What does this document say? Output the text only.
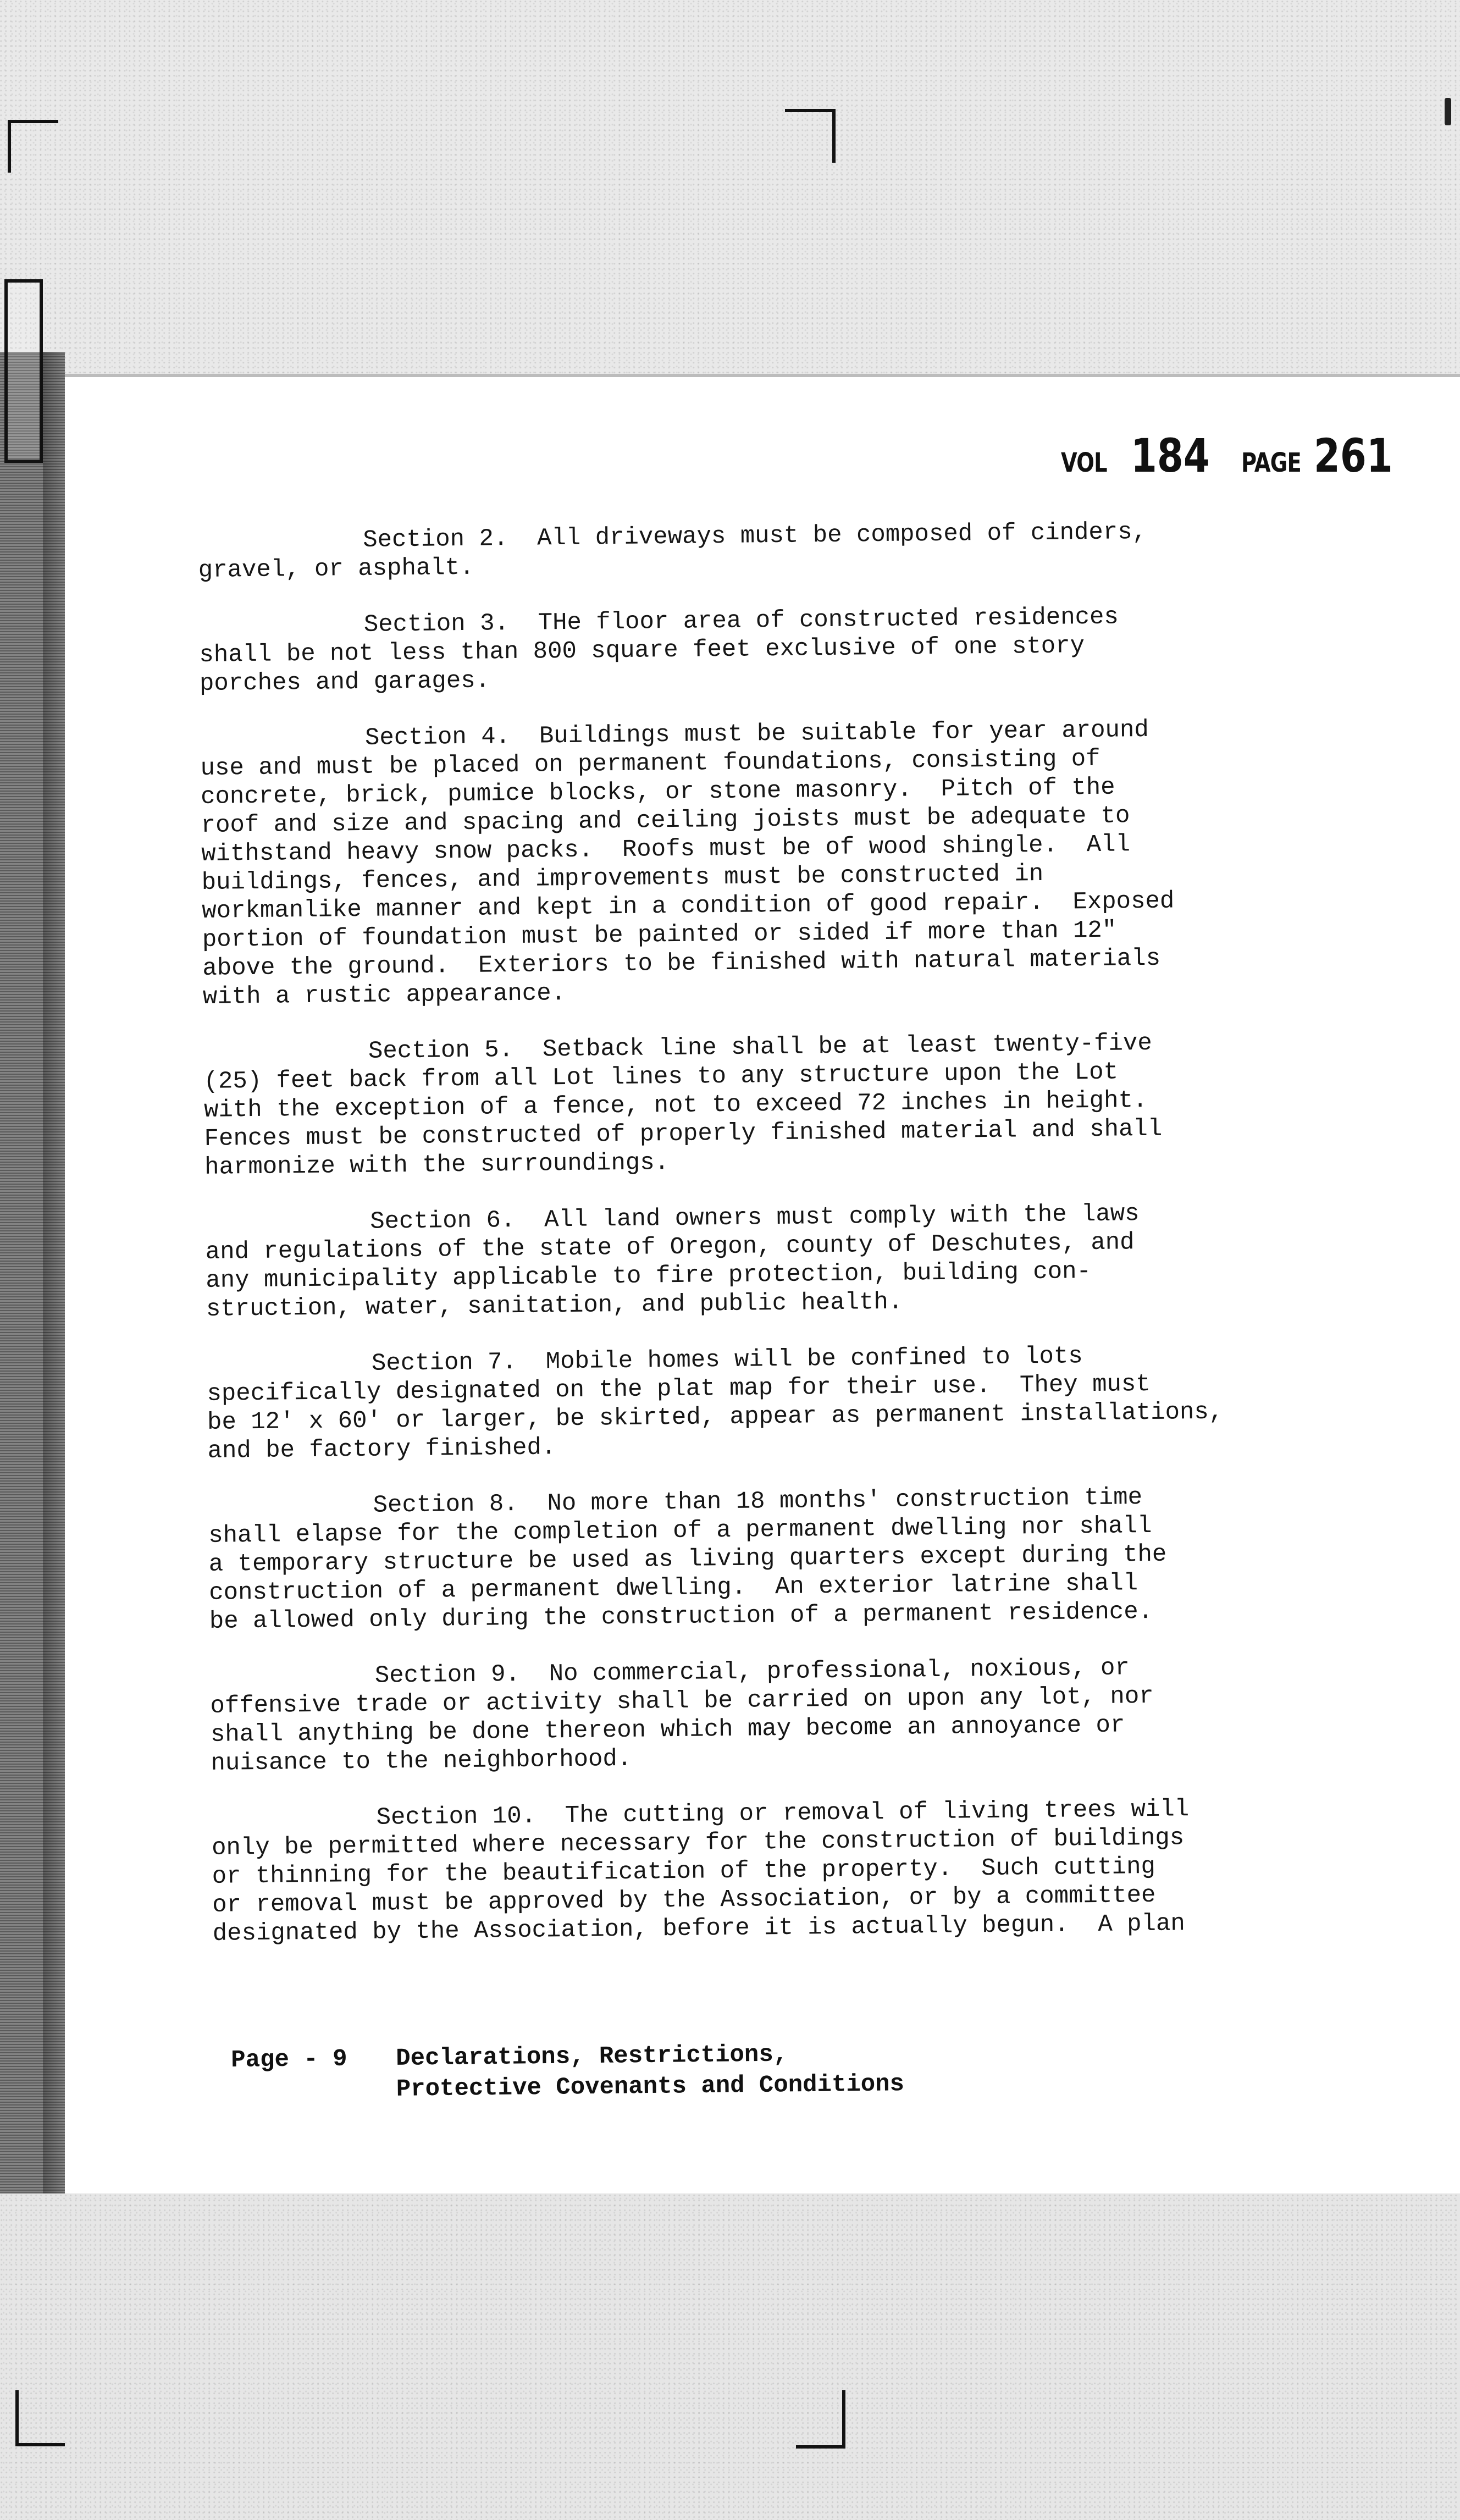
VOL 184 PAGE 261

Section 2.  All driveways must be composed of cinders,
gravel, or asphalt.

Section 3.  THe floor area of constructed residences
shall be not less than 800 square feet exclusive of one story
porches and garages.

Section 4.  Buildings must be suitable for year around
use and must be placed on permanent foundations, consisting of
concrete, brick, pumice blocks, or stone masonry.  Pitch of the
roof and size and spacing and ceiling joists must be adequate to
withstand heavy snow packs.  Roofs must be of wood shingle.  All
buildings, fences, and improvements must be constructed in
workmanlike manner and kept in a condition of good repair.  Exposed
portion of foundation must be painted or sided if more than 12"
above the ground.  Exteriors to be finished with natural materials
with a rustic appearance.

Section 5.  Setback line shall be at least twenty-five
(25) feet back from all Lot lines to any structure upon the Lot
with the exception of a fence, not to exceed 72 inches in height.
Fences must be constructed of properly finished material and shall
harmonize with the surroundings.

Section 6.  All land owners must comply with the laws
and regulations of the state of Oregon, county of Deschutes, and
any municipality applicable to fire protection, building con-
struction, water, sanitation, and public health.

Section 7.  Mobile homes will be confined to lots
specifically designated on the plat map for their use.  They must
be 12' x 60' or larger, be skirted, appear as permanent installations,
and be factory finished.

Section 8.  No more than 18 months' construction time
shall elapse for the completion of a permanent dwelling nor shall
a temporary structure be used as living quarters except during the
construction of a permanent dwelling.  An exterior latrine shall
be allowed only during the construction of a permanent residence.

Section 9.  No commercial, professional, noxious, or
offensive trade or activity shall be carried on upon any lot, nor
shall anything be done thereon which may become an annoyance or
nuisance to the neighborhood.

Section 10.  The cutting or removal of living trees will
only be permitted where necessary for the construction of buildings
or thinning for the beautification of the property.  Such cutting
or removal must be approved by the Association, or by a committee
designated by the Association, before it is actually begun.  A plan

Page - 9	Declarations, Restrictions,
Protective Covenants and Conditions
